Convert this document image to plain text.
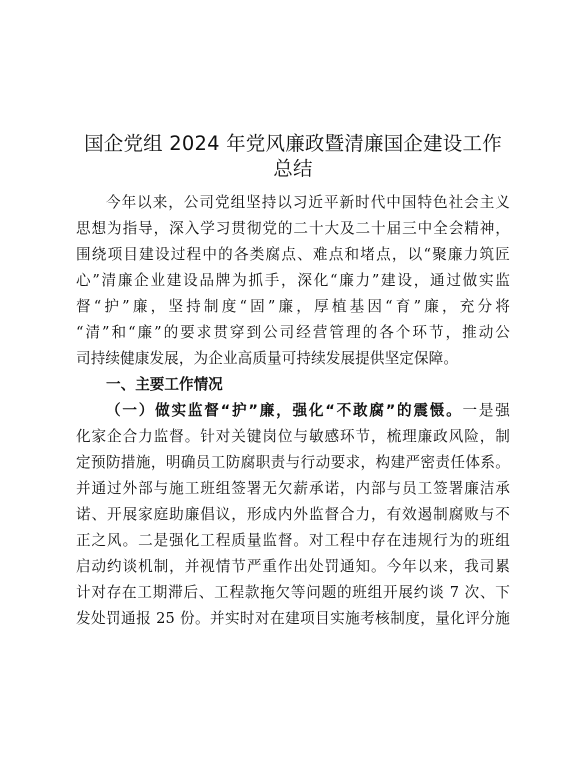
国企党组 2024 年党风廉政暨清廉国企建设工作
总结
今年以来，公司党组坚持以习近平新时代中国特色社会主义
思想为指导，深入学习贯彻党的二十大及二十届三中全会精神，
围绕项目建设过程中的各类腐点、难点和堵点，以“聚廉力筑匠
心”清廉企业建设品牌为抓手，深化“廉力”建设，通过做实监
督“护”廉，坚持制度“固”廉，厚植基因“育”廉，充分将
“清”和“廉”的要求贯穿到公司经营管理的各个环节，推动公
司持续健康发展，为企业高质量可持续发展提供坚定保障。
一、主要工作情况
（一）做实监督“护”廉，强化“不敢腐”的震慑。一是强
化家企合力监督。针对关键岗位与敏感环节，梳理廉政风险，制
定预防措施，明确员工防腐职责与行动要求，构建严密责任体系。
并通过外部与施工班组签署无欠薪承诺，内部与员工签署廉洁承
诺、开展家庭助廉倡议，形成内外监督合力，有效遏制腐败与不
正之风。二是强化工程质量监督。对工程中存在违规行为的班组
启动约谈机制，并视情节严重作出处罚通知。今年以来，我司累
计对存在工期滞后、工程款拖欠等问题的班组开展约谈 7 次、下
发处罚通报 25 份。并实时对在建项目实施考核制度，量化评分施
